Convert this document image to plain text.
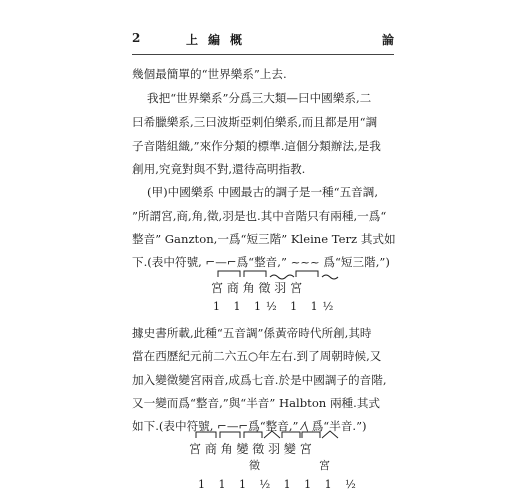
2	上編概	論
幾個最簡單的“世界樂系”上去.
我把“世界樂系”分爲三大類—曰中國樂系,二
曰希臘樂系,三曰波斯亞剌伯樂系,而且都是用“調
子音階組織,”來作分類的標準.這個分類辦法,是我
創用,究竟對與不對,還待高明指教.
(甲)中國樂系 中國最古的調子是一種“五音調,
”所謂宮,商,角,徵,羽是也.其中音階只有兩種,一爲“
整音” Ganzton,一爲“短三階” Kleine Terz 其式如
下.(表中符號, ⌐—⌐爲“整音,” ~~~ 爲“短三階,”)
宮 商 角 徵 羽 宮
1 1 1½ 1 1½
據史書所載,此種“五音調”係黃帝時代所創,其時
當在西歷紀元前二六五○年左右.到了周朝時候,又
加入變徵變宮兩音,成爲七音.於是中國調子的音階,
又一變而爲“整音,”與“半音” Halbton 兩種.其式
如下.(表中符號, ⌐—⌐爲“整音,” ⁄\ 爲“半音.”)
宮 商 角 變 徵 羽 變 宮
徵	宮
1 1 1 ½ 1 1 1 ½
